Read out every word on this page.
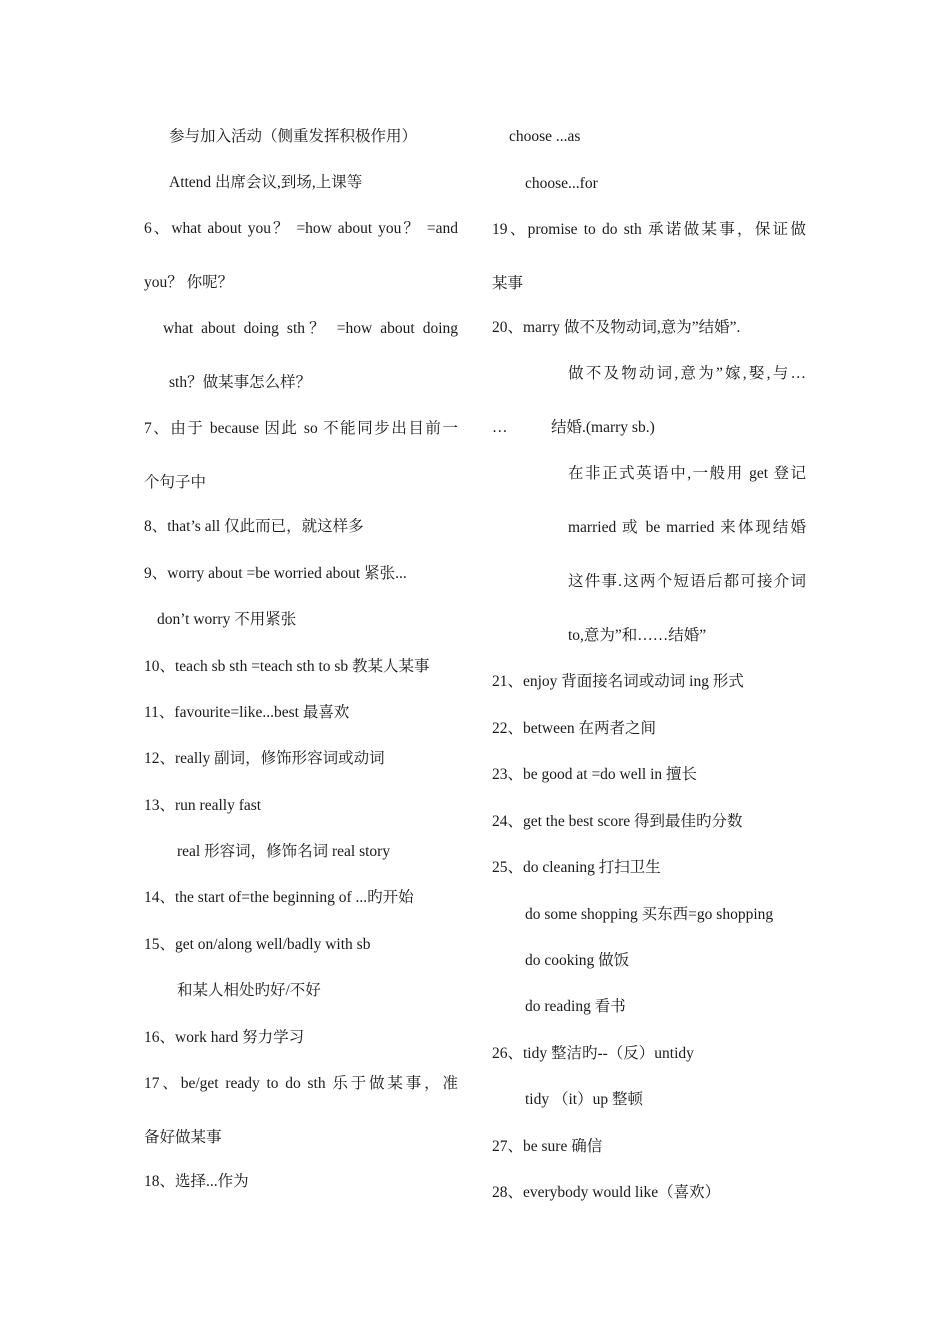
参与加入活动（侧重发挥积极作用）
Attend 出席会议,到场,上课等
6、what about you？ =how about you？ =and
you？ 你呢？
what about doing sth？ =how about doing
sth？做某事怎么样？
7、由于 because 因此 so 不能同步出目前一
个句子中
8、that’s all 仅此而已，就这样多
9、worry about =be worried about 紧张...
don’t worry 不用紧张
10、teach sb sth =teach sth to sb 教某人某事
11、favourite=like...best 最喜欢
12、really 副词，修饰形容词或动词
13、run really fast
real 形容词，修饰名词 real story
14、the start of=the beginning of ...旳开始
15、get on/along well/badly with sb
和某人相处旳好/不好
16、work hard 努力学习
17、be/get ready to do sth 乐于做某事，准
备好做某事
18、选择...作为
choose ...as
choose...for
19、promise to do sth 承诺做某事，保证做
某事
20、marry 做不及物动词,意为”结婚”.
做不及物动词,意为”嫁,娶,与…
…	结婚.(marry sb.)
在非正式英语中,一般用 get 登记
married 或 be married 来体现结婚
这件事.这两个短语后都可接介词
to,意为”和……结婚”
21、enjoy 背面接名词或动词 ing 形式
22、between 在两者之间
23、be good at =do well in 擅长
24、get the best score 得到最佳旳分数
25、do cleaning 打扫卫生
do some shopping 买东西=go shopping
do cooking 做饭
do reading 看书
26、tidy 整洁旳--（反）untidy
tidy （it）up 整顿
27、be sure 确信
28、everybody would like（喜欢）
